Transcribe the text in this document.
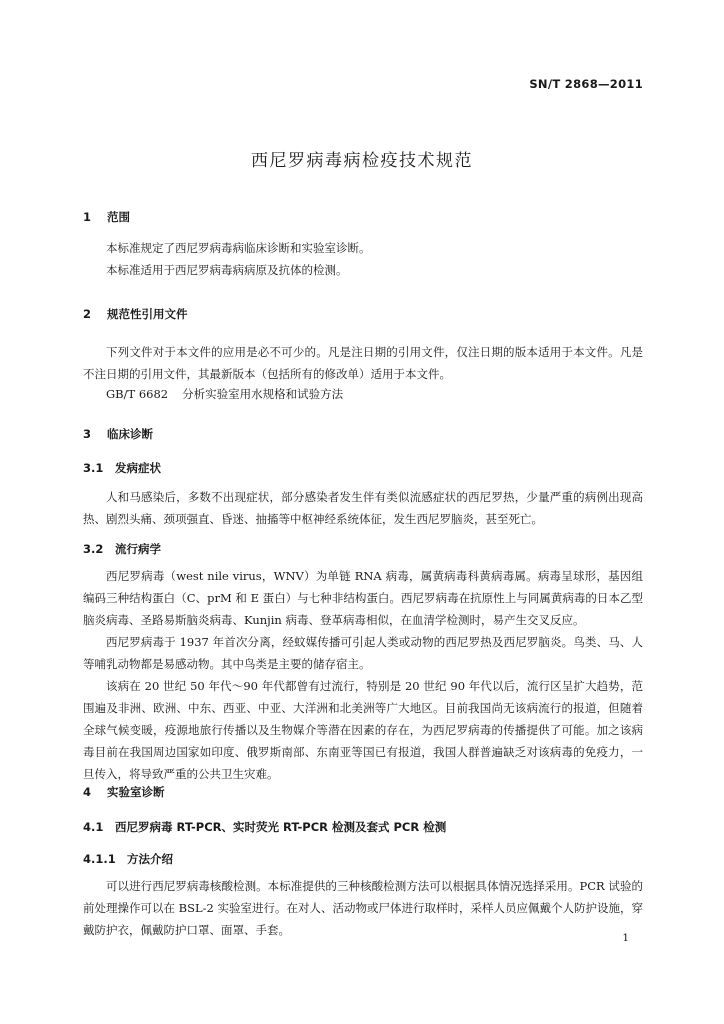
SN/T 2868—2011
西尼罗病毒病检疫技术规范
1 范围

本标准规定了西尼罗病毒病临床诊断和实验室诊断。

本标准适用于西尼罗病毒病病原及抗体的检测。

2 规范性引用文件

下列文件对于本文件的应用是必不可少的。凡是注日期的引用文件，仅注日期的版本适用于本文件。凡是不注日期的引用文件，其最新版本（包括所有的修改单）适用于本文件。

GB/T 6682 分析实验室用水规格和试验方法
3 临床诊断
3.1 发病症状

人和马感染后，多数不出现症状，部分感染者发生伴有类似流感症状的西尼罗热，少量严重的病例出现高热、剧烈头痛、颈项强直、昏迷、抽搐等中枢神经系统体征，发生西尼罗脑炎，甚至死亡。

3.2 流行病学

西尼罗病毒（west nile virus，WNV）为单链 RNA 病毒，属黄病毒科黄病毒属。病毒呈球形，基因组编码三种结构蛋白（C、prM 和 E 蛋白）与七种非结构蛋白。西尼罗病毒在抗原性上与同属黄病毒的日本乙型脑炎病毒、圣路易斯脑炎病毒、Kunjin 病毒、登革病毒相似，在血清学检测时，易产生交叉反应。

西尼罗病毒于 1937 年首次分离，经蚊媒传播可引起人类或动物的西尼罗热及西尼罗脑炎。鸟类、马、人等哺乳动物都是易感动物。其中鸟类是主要的储存宿主。

该病在 20 世纪 50 年代～90 年代都曾有过流行，特别是 20 世纪 90 年代以后，流行区呈扩大趋势，范围遍及非洲、欧洲、中东、西亚、中亚、大洋洲和北美洲等广大地区。目前我国尚无该病流行的报道，但随着全球气候变暖，疫源地旅行传播以及生物媒介等潜在因素的存在，为西尼罗病毒的传播提供了可能。加之该病毒目前在我国周边国家如印度、俄罗斯南部、东南亚等国已有报道，我国人群普遍缺乏对该病毒的免疫力，一旦传入，将导致严重的公共卫生灾难。

4 实验室诊断
4.1 西尼罗病毒 RT-PCR、实时荧光 RT-PCR 检测及套式 PCR 检测
4.1.1 方法介绍

可以进行西尼罗病毒核酸检测。本标准提供的三种核酸检测方法可以根据具体情况选择采用。PCR 试验的前处理操作可以在 BSL-2 实验室进行。在对人、活动物或尸体进行取样时，采样人员应佩戴个人防护设施，穿戴防护衣，佩戴防护口罩、面罩、手套。

1
